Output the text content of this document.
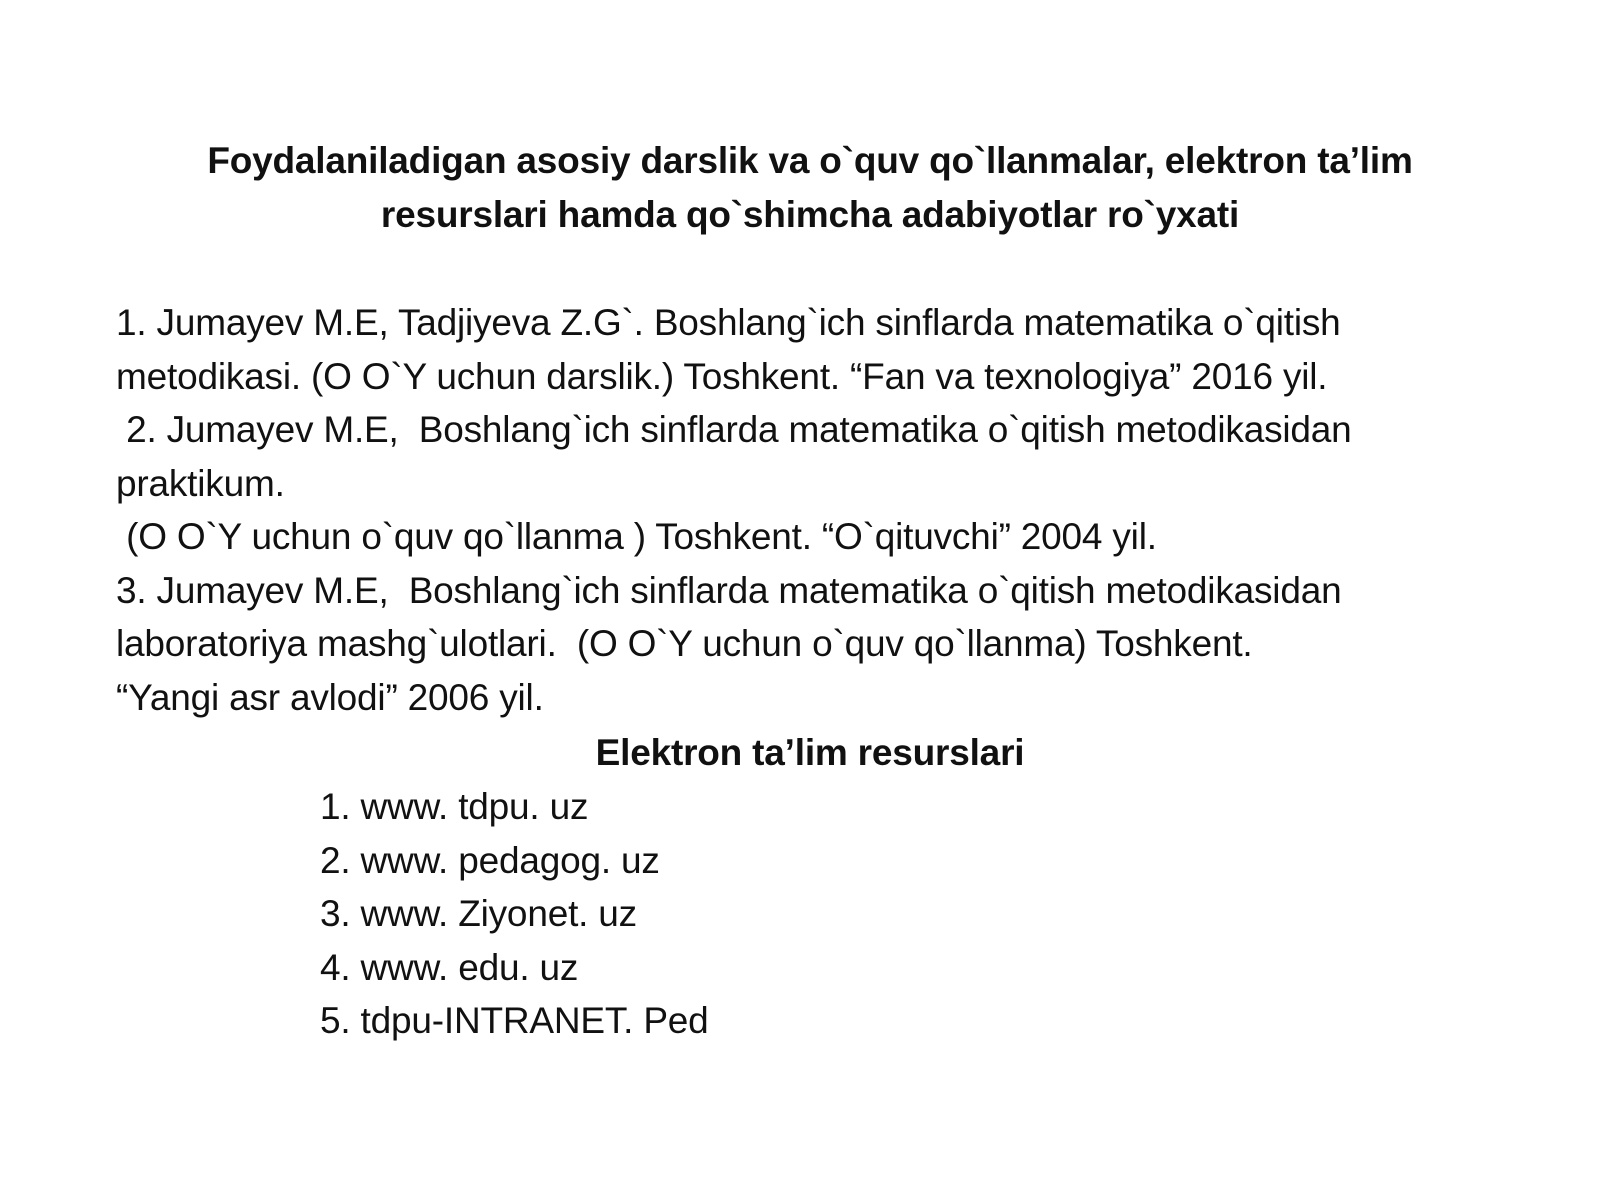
Foydalaniladigan asosiy darslik va o`quv qo`llanmalar, elektron ta’lim
resurslari hamda qo`shimcha adabiyotlar ro`yxati
1. Jumayev M.E, Tadjiyeva Z.G`. Boshlang`ich sinflarda matematika o`qitish
metodikasi. (O O`Y uchun darslik.) Toshkent. “Fan va texnologiya” 2016 yil.
2. Jumayev M.E,  Boshlang`ich sinflarda matematika o`qitish metodikasidan
praktikum.
(O O`Y uchun o`quv qo`llanma ) Toshkent. “O`qituvchi” 2004 yil.
3. Jumayev M.E,  Boshlang`ich sinflarda matematika o`qitish metodikasidan
laboratoriya mashg`ulotlari.  (O O`Y uchun o`quv qo`llanma) Toshkent.
“Yangi asr avlodi” 2006 yil.
Elektron ta’lim resurslari
1. www. tdpu. uz
2. www. pedagog. uz
3. www. Ziyonet. uz
4. www. edu. uz
5. tdpu-INTRANET. Ped
